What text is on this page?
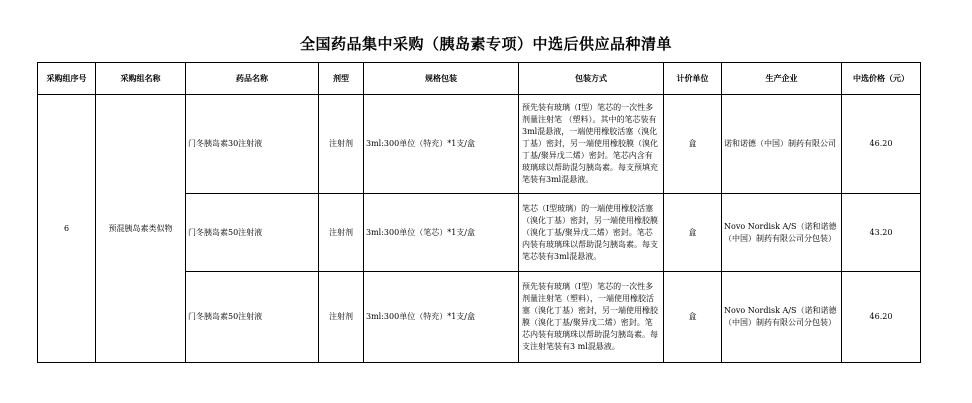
全国药品集中采购（胰岛素专项）中选后供应品种清单
采购组序号	采购组名称	药品名称	剂型	规格包装	包装方式	计价单位	生产企业	中选价格（元）
6	预混胰岛素类似物	门冬胰岛素30注射液	注射剂	3ml:300单位（特充）*1支/盒	预先装有玻璃（I型）笔芯的一次性多剂量注射笔 （塑料）。其中的笔芯装有3ml混悬液，一端使用橡胶活塞（溴化丁基）密封，另一端使用橡胶膜（溴化丁基/聚异戊二烯）密封。笔芯内含有玻璃球以帮助混匀胰岛素。每支预填充笔装有3ml混悬液。	盒	诺和诺德（中国）制药有限公司	46.20
		门冬胰岛素50注射液	注射剂	3ml:300单位（笔芯）*1支/盒	笔芯（I型玻璃）的一端使用橡胶活塞（溴化丁基）密封，另一端使用橡胶膜（溴化丁基/聚异戊二烯）密封。笔芯内装有玻璃珠以帮助混匀胰岛素。每支笔芯装有3ml混悬液。	盒	Novo Nordisk A/S（诺和诺德（中国）制药有限公司分包装）	43.20
		门冬胰岛素50注射液	注射剂	3ml:300单位（特充）*1支/盒	预先装有玻璃（I型）笔芯的一次性多剂量注射笔（塑料），一端使用橡胶活塞（溴化丁基）密封，另一端使用橡胶膜（溴化丁基/聚异戊二烯）密封。笔芯内装有玻璃珠以帮助混匀胰岛素。每支注射笔装有3 ml混悬液。	盒	Novo Nordisk A/S（诺和诺德（中国）制药有限公司分包装）	46.20
